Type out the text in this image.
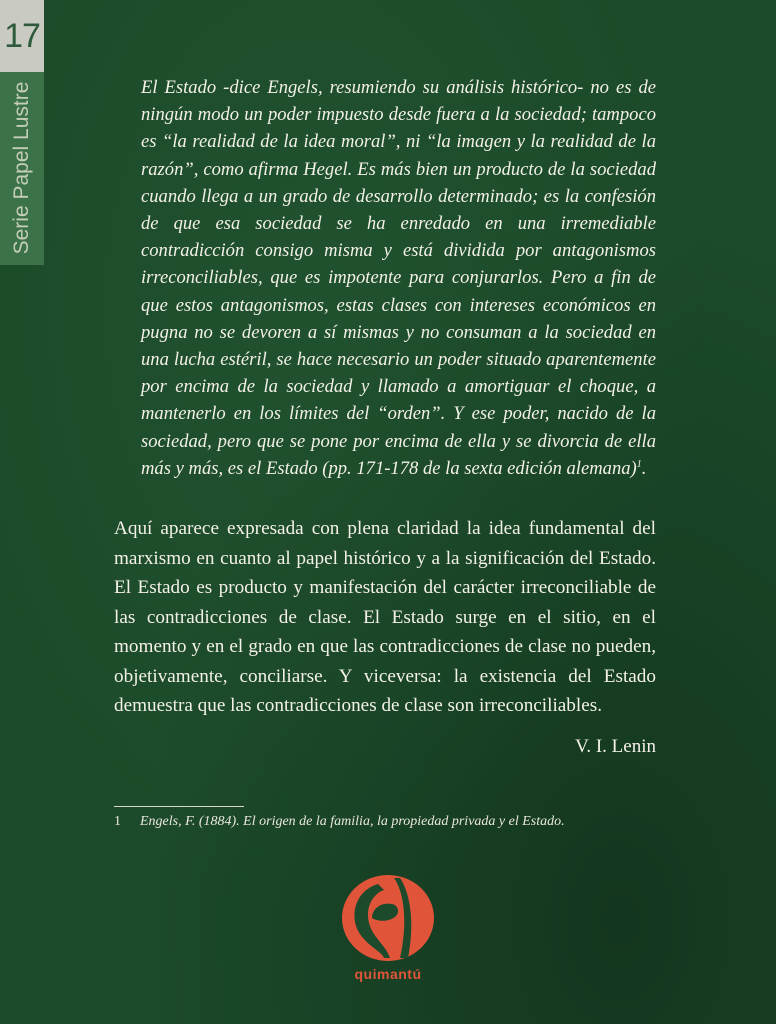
17
Serie Papel Lustre	El Estado -dice Engels, resumiendo su análisis histórico- no es de ningún modo un poder impuesto desde fuera a la sociedad; tampoco es “la realidad de la idea moral”, ni “la imagen y la realidad de la razón”, como afirma Hegel. Es más bien un producto de la sociedad cuando llega a un grado de desarrollo determinado; es la confesión de que esa sociedad se ha enredado en una irremediable contradicción consigo misma y está dividida por antagonismos irreconciliables, que es impotente para conjurarlos. Pero a fin de que estos antagonismos, estas clases con intereses económicos en pugna no se devoren a sí mismas y no consuman a la sociedad en una lucha estéril, se hace necesario un poder situado aparentemente por encima de la sociedad y llamado a amortiguar el choque, a mantenerlo en los límites del “orden”. Y ese poder, nacido de la sociedad, pero que se pone por encima de ella y se divorcia de ella más y más, es el Estado (pp. 171-178 de la sexta edición alemana)$^1$.

Aquí aparece expresada con plena claridad la idea fundamental del marxismo en cuanto al papel histórico y a la significación del Estado. El Estado es producto y manifestación del carácter irreconciliable de las contradicciones de clase. El Estado surge en el sitio, en el momento y en el grado en que las contradicciones de clase no pueden, objetivamente, conciliarse. Y viceversa: la existencia del Estado demuestra que las contradicciones de clase son irreconciliables.

V. I. Lenin
1 Engels, F. (1884). El origen de la familia, la propiedad privada y el Estado.
quimantú
